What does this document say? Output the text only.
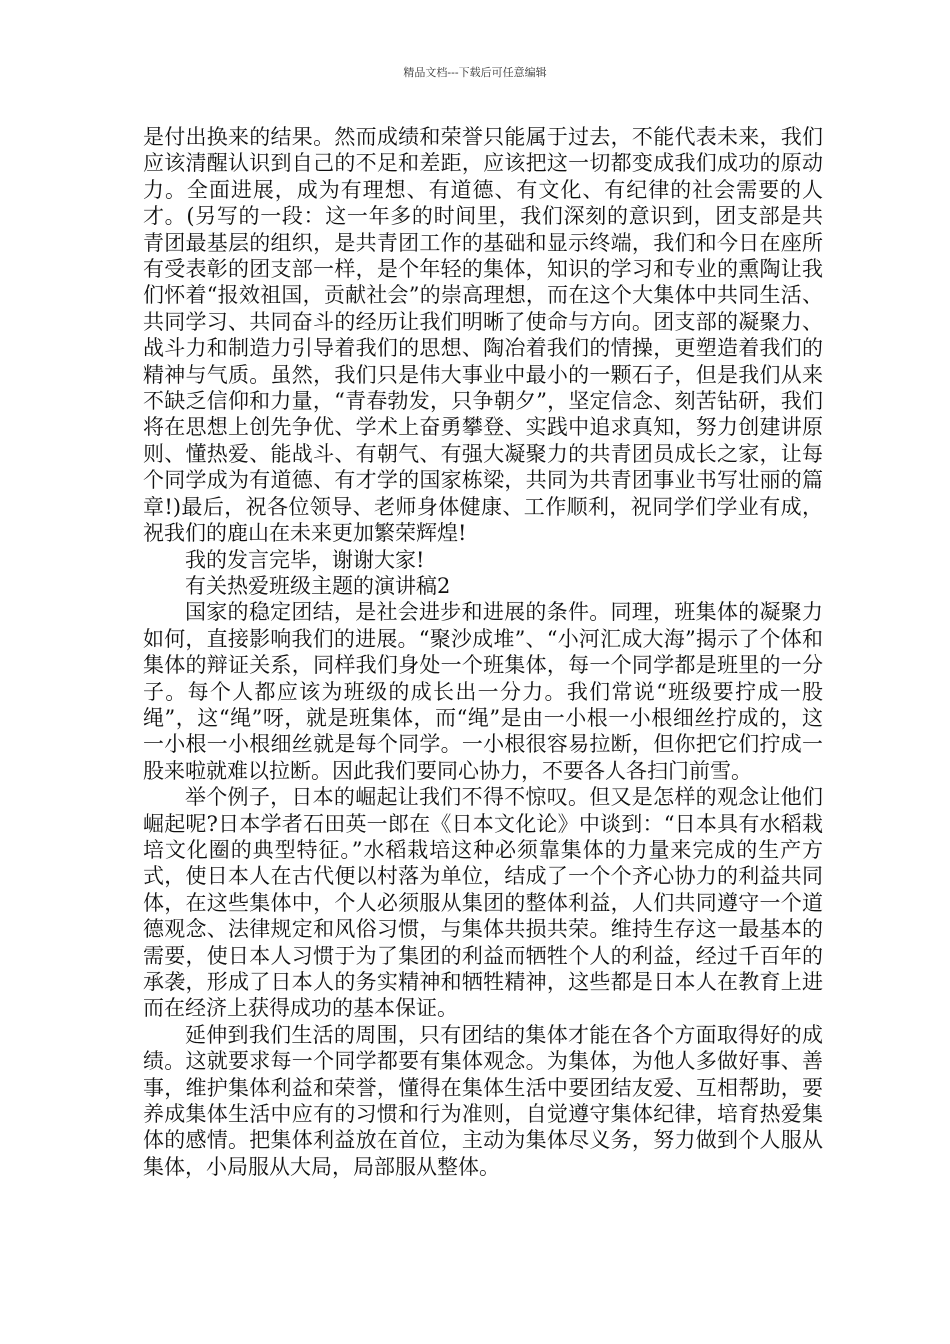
精品文档---下载后可任意编辑

是付出换来的结果。然而成绩和荣誉只能属于过去，不能代表未来，我们应该清醒认识到自己的不足和差距，应该把这一切都变成我们成功的原动力。全面进展，成为有理想、有道德、有文化、有纪律的社会需要的人才。(另写的一段：这一年多的时间里，我们深刻的意识到，团支部是共青团最基层的组织，是共青团工作的基础和显示终端，我们和今日在座所有受表彰的团支部一样，是个年轻的集体，知识的学习和专业的熏陶让我们怀着“报效祖国，贡献社会”的崇高理想，而在这个大集体中共同生活、共同学习、共同奋斗的经历让我们明晰了使命与方向。团支部的凝聚力、战斗力和制造力引导着我们的思想、陶冶着我们的情操，更塑造着我们的精神与气质。虽然，我们只是伟大事业中最小的一颗石子，但是我们从来不缺乏信仰和力量，“青春勃发，只争朝夕”，坚定信念、刻苦钻研，我们将在思想上创先争优、学术上奋勇攀登、实践中追求真知，努力创建讲原则、懂热爱、能战斗、有朝气、有强大凝聚力的共青团员成长之家，让每个同学成为有道德、有才学的国家栋梁，共同为共青团事业书写壮丽的篇章!)最后，祝各位领导、老师身体健康、工作顺利，祝同学们学业有成，祝我们的鹿山在未来更加繁荣辉煌!

我的发言完毕，谢谢大家!

有关热爱班级主题的演讲稿2

国家的稳定团结，是社会进步和进展的条件。同理，班集体的凝聚力如何，直接影响我们的进展。“聚沙成堆”、“小河汇成大海”揭示了个体和集体的辩证关系，同样我们身处一个班集体，每一个同学都是班里的一分子。每个人都应该为班级的成长出一分力。我们常说“班级要拧成一股绳”，这“绳”呀，就是班集体，而“绳”是由一小根一小根细丝拧成的，这一小根一小根细丝就是每个同学。一小根很容易拉断，但你把它们拧成一股来啦就难以拉断。因此我们要同心协力，不要各人各扫门前雪。

举个例子，日本的崛起让我们不得不惊叹。但又是怎样的观念让他们崛起呢?日本学者石田英一郎在《日本文化论》中谈到：“日本具有水稻栽培文化圈的典型特征。”水稻栽培这种必须靠集体的力量来完成的生产方式，使日本人在古代便以村落为单位，结成了一个个齐心协力的利益共同体，在这些集体中，个人必须服从集团的整体利益，人们共同遵守一个道德观念、法律规定和风俗习惯，与集体共损共荣。维持生存这一最基本的需要，使日本人习惯于为了集团的利益而牺牲个人的利益，经过千百年的承袭，形成了日本人的务实精神和牺牲精神，这些都是日本人在教育上进而在经济上获得成功的基本保证。

延伸到我们生活的周围，只有团结的集体才能在各个方面取得好的成绩。这就要求每一个同学都要有集体观念。为集体，为他人多做好事、善事，维护集体利益和荣誉，懂得在集体生活中要团结友爱、互相帮助，要养成集体生活中应有的习惯和行为准则，自觉遵守集体纪律，培育热爱集体的感情。把集体利益放在首位，主动为集体尽义务，努力做到个人服从集体，小局服从大局，局部服从整体。
